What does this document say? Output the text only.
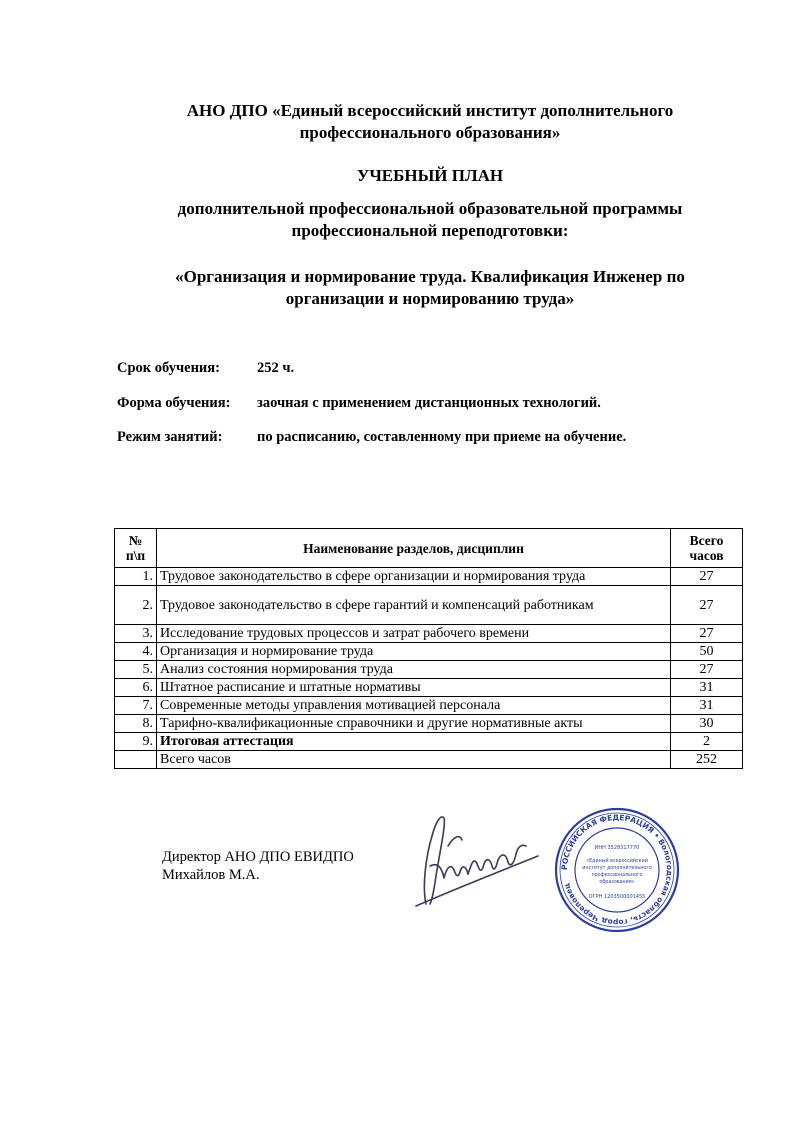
АНО ДПО «Единый всероссийский институт дополнительного
профессионального образования»
УЧЕБНЫЙ ПЛАН
дополнительной профессиональной образовательной программы
профессиональной переподготовки:
«Организация и нормирование труда. Квалификация Инженер по
организации и нормированию труда»
Срок обучения:	252 ч.
Форма обучения: заочная с применением дистанционных технологий.
Режим занятий: по расписанию, составленному при приеме на обучение.
№ п\п	Наименование разделов, дисциплин	Всего
часов

1.	Трудовое законодательство в сфере организации и нормирования труда	27
2.	Трудовое законодательство в сфере гарантий и компенсаций работникам	27
3.	Исследование трудовых процессов и затрат рабочего времени	27
4.	Организация и нормирование труда	50
5.	Анализ состояния нормирования труда	27
6.	Штатное расписание и штатные нормативы	31
7.	Современные методы управления мотивацией персонала	31
8.	Тарифно-квалификационные справочники и другие нормативные акты	30
9.	Итоговая аттестация	2
	Всего часов	252
Директор АНО ДПО ЕВИДПО
Михайлов М.А.	РОССИЙСКАЯ ФЕДЕРАЦИЯ • Вологодская область, город Череповец
ИНН 3528317770
«Единый всероссийский
институт дополнительного
профессионального
образования»
ОГРН 1203500001455
